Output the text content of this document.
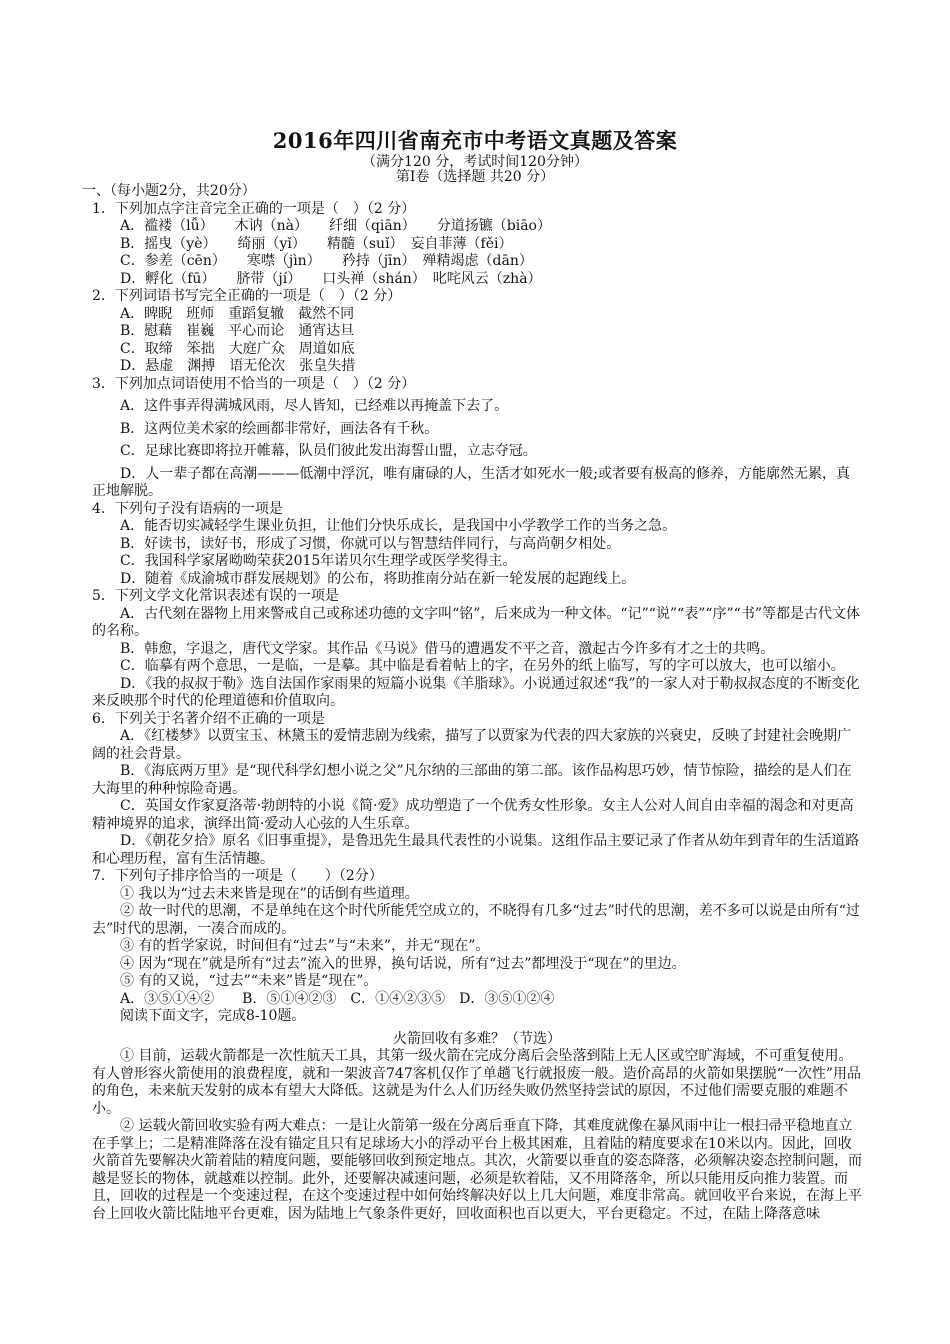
2016年四川省南充市中考语文真题及答案
（满分120 分，考试时间120分钟）
第Ⅰ卷（选择题 共20 分）

一、（每小题2分，共20分）

1．下列加点字注音完全正确的一项是（　）（2 分）

A．褴褛（lǚ）　　木讷（nà）　　纤细（qiān）　　分道扬镳（biāo）

B．摇曳（yè）　　绮丽（yǐ）　　精髓（suǐ）　妄自菲薄（fěi）

C．参差（cēn）　　寒噤（jìn）　　矜持（jīn）　殚精竭虑（dān）

D．孵化（fū）　　脐带（jí）　　口头禅（shán）　叱咤风云（zhà）

2．下列词语书写完全正确的一项是（　）（2 分）

A．睥睨　班师　重蹈复辙　截然不同

B．慰藉　崔巍　平心而论　通宵达旦

C．取缔　笨拙　大庭广众　周道如底

D．悬虚　渊搏　语无伦次　张皇失措

3．下列加点词语使用不恰当的一项是（　）（2 分）

A．这件事弄得满城风雨，尽人皆知，已经难以再掩盖下去了。

B．这两位美术家的绘画都非常好，画法各有千秋。

C．足球比赛即将拉开帷幕，队员们彼此发出海誓山盟，立志夺冠。

D．人一辈子都在高潮———低潮中浮沉，唯有庸碌的人，生活才如死水一般;或者要有极高的修养，方能廓然无累，真正地解脱。

4．下列句子没有语病的一项是

A．能否切实减轻学生课业负担，让他们分快乐成长，是我国中小学教学工作的当务之急。

B．好读书，读好书，形成了习惯，你就可以与智慧结伴同行，与高尚朝夕相处。

C．我国科学家屠呦呦荣获2015年诺贝尔生理学或医学奖得主。

D．随着《成渝城市群发展规划》的公布，将助推南分站在新一轮发展的起跑线上。

5．下列文学文化常识表述有误的一项是

A．古代刻在器物上用来警戒自己或称述功德的文字叫“铭”，后来成为一种文体。“记”“说”“表”“序”“书”等都是古代文体的名称。

B．韩愈，字退之，唐代文学家。其作品《马说》借马的遭遇发不平之音，激起古今许多有才之士的共鸣。

C．临摹有两个意思，一是临，一是摹。其中临是看着帖上的字，在另外的纸上临写，写的字可以放大，也可以缩小。

D．《我的叔叔于勒》选自法国作家雨果的短篇小说集《羊脂球》。小说通过叙述“我”的一家人对于勒叔叔态度的不断变化来反映那个时代的伦理道德和价值取向。

6．下列关于名著介绍不正确的一项是

A．《红楼梦》以贾宝玉、林黛玉的爱情悲剧为线索，描写了以贾家为代表的四大家族的兴衰史，反映了封建社会晚期广阔的社会背景。

B．《海底两万里》是“现代科学幻想小说之父”凡尔纳的三部曲的第二部。该作品构思巧妙，情节惊险，描绘的是人们在大海里的种种惊险奇遇。

C．英国女作家夏洛蒂·勃朗特的小说《简·爱》成功塑造了一个优秀女性形象。女主人公对人间自由幸福的渴念和对更高精神境界的追求，演绎出简·爱动人心弦的人生乐章。

D．《朝花夕拾》原名《旧事重提》，是鲁迅先生最具代表性的小说集。这组作品主要记录了作者从幼年到青年的生活道路和心理历程，富有生活情趣。

7．下列句子排序恰当的一项是（　　）（2分）

① 我以为“过去未来皆是现在”的话倒有些道理。

② 故一时代的思潮，不是单纯在这个时代所能凭空成立的，不晓得有几多“过去”时代的思潮，差不多可以说是由所有“过去”时代的思潮，一凑合而成的。

③ 有的哲学家说，时间但有“过去”与“未来”，并无“现在”。

④ 因为“现在”就是所有“过去”流入的世界，换句话说，所有“过去”都埋没于“现在”的里边。

⑤ 有的又说，“过去”“未来”皆是“现在”。

A．③⑤①④②　　B．⑤①④②③　C．①④②③⑤　D．③⑤①②④

阅读下面文字，完成8-10题。

火箭回收有多难？（节选）

① 目前，运载火箭都是一次性航天工具，其第一级火箭在完成分离后会坠落到陆上无人区或空旷海域，不可重复使用。有人曾形容火箭使用的浪费程度，就和一架波音747客机仅作了单趟飞行就报废一般。造价高昂的火箭如果摆脱“一次性”用品的角色，未来航天发射的成本有望大大降低。这就是为什么人们历经失败仍然坚持尝试的原因，不过他们需要克服的难题不小。

② 运载火箭回收实验有两大难点：一是让火箭第一级在分离后垂直下降，其难度就像在暴风雨中让一根扫帚平稳地直立在手掌上；二是精准降落在没有锚定且只有足球场大小的浮动平台上极其困难，且着陆的精度要求在10米以内。因此，回收火箭首先要解决火箭着陆的精度问题，要能够回收到预定地点。其次，火箭要以垂直的姿态降落，必须解决姿态控制问题，而越是竖长的物体，就越难以控制。此外，还要解决减速问题，必须是软着陆，又不用降落伞，所以只能用反向推力装置。而且，回收的过程是一个变速过程，在这个变速过程中如何始终解决好以上几大问题，难度非常高。就回收平台来说，在海上平台上回收火箭比陆地平台更难，因为陆地上气象条件更好，回收面积也百以更大，平台更稳定。不过，在陆上降落意味
